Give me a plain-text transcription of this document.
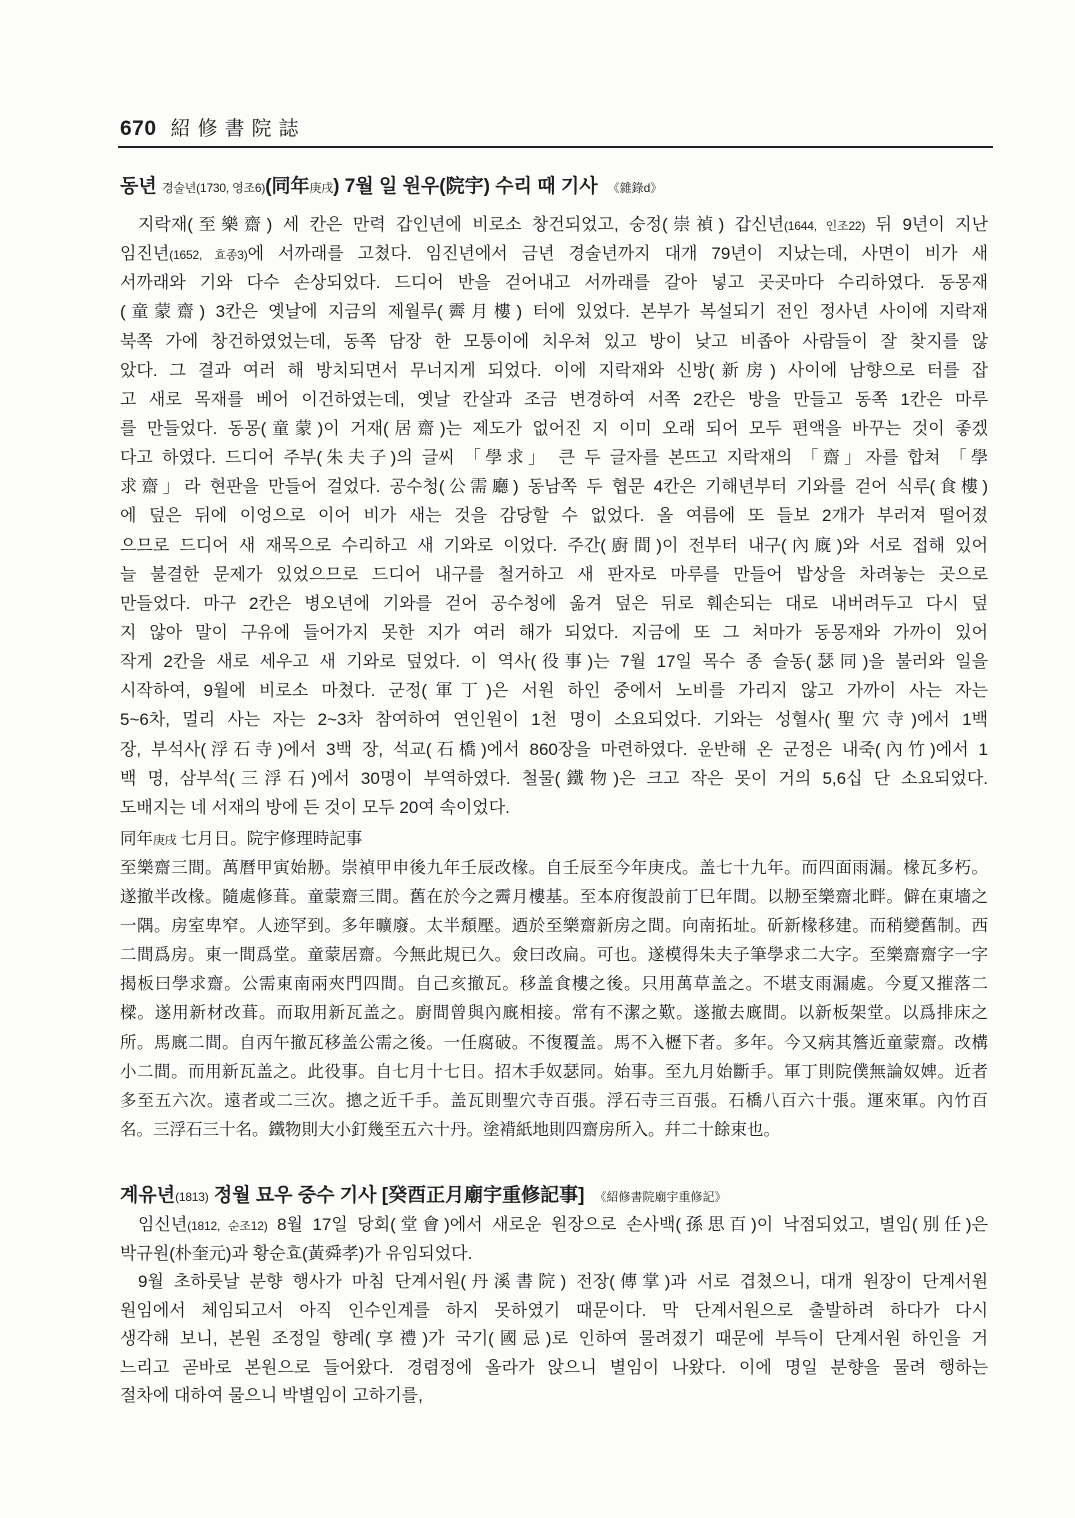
670 紹修書院誌
동년 경술년(1730, 영조6)(同年庚戌) 7월 일 원우(院宇) 수리 때 기사 《雜錄d》
지락재(至樂齋) 세 칸은 만력 갑인년에 비로소 창건되었고, 숭정(崇禎) 갑신년(1644, 인조22) 뒤 9년이 지난
임진년(1652, 효종3)에 서까래를 고쳤다. 임진년에서 금년 경술년까지 대개 79년이 지났는데, 사면이 비가 새
서까래와 기와 다수 손상되었다. 드디어 반을 걷어내고 서까래를 갈아 넣고 곳곳마다 수리하였다. 동몽재
(童蒙齋) 3칸은 옛날에 지금의 제월루(霽月樓) 터에 있었다. 본부가 복설되기 전인 정사년 사이에 지락재
북쪽 가에 창건하였었는데, 동쪽 담장 한 모퉁이에 치우쳐 있고 방이 낮고 비좁아 사람들이 잘 찾지를 않
았다. 그 결과 여러 해 방치되면서 무너지게 되었다. 이에 지락재와 신방(新房) 사이에 남향으로 터를 잡
고 새로 목재를 베어 이건하였는데, 옛날 칸살과 조금 변경하여 서쪽 2칸은 방을 만들고 동쪽 1칸은 마루
를 만들었다. 동몽(童蒙)이 거재(居齋)는 제도가 없어진 지 이미 오래 되어 모두 편액을 바꾸는 것이 좋겠
다고 하였다. 드디어 주부(朱夫子)의 글씨 「學求」 큰 두 글자를 본뜨고 지락재의 「齋」자를 합쳐 「學
求齋」라 현판을 만들어 걸었다. 공수청(公需廳) 동남쪽 두 협문 4칸은 기해년부터 기와를 걷어 식루(食樓)
에 덮은 뒤에 이엉으로 이어 비가 새는 것을 감당할 수 없었다. 올 여름에 또 들보 2개가 부러져 떨어졌
으므로 드디어 새 재목으로 수리하고 새 기와로 이었다. 주간(廚間)이 전부터 내구(內廐)와 서로 접해 있어
늘 불결한 문제가 있었으므로 드디어 내구를 철거하고 새 판자로 마루를 만들어 밥상을 차려놓는 곳으로
만들었다. 마구 2칸은 병오년에 기와를 걷어 공수청에 옮겨 덮은 뒤로 훼손되는 대로 내버려두고 다시 덮
지 않아 말이 구유에 들어가지 못한 지가 여러 해가 되었다. 지금에 또 그 처마가 동몽재와 가까이 있어
작게 2칸을 새로 세우고 새 기와로 덮었다. 이 역사(役事)는 7월 17일 목수 종 슬동(瑟同)을 불러와 일을
시작하여, 9월에 비로소 마쳤다. 군정(軍丁)은 서원 하인 중에서 노비를 가리지 않고 가까이 사는 자는
5~6차, 멀리 사는 자는 2~3차 참여하여 연인원이 1천 명이 소요되었다. 기와는 성혈사(聖穴寺)에서 1백
장, 부석사(浮石寺)에서 3백 장, 석교(石橋)에서 860장을 마련하였다. 운반해 온 군정은 내죽(內竹)에서 1
백 명, 삼부석(三浮石)에서 30명이 부역하였다. 철물(鐵物)은 크고 작은 못이 거의 5,6십 단 소요되었다.
도배지는 네 서재의 방에 든 것이 모두 20여 속이었다.
同年庚戌 七月日。院宇修理時記事
至樂齋三間。萬曆甲寅始刱。崇禎甲申後九年壬辰改椽。自壬辰至今年庚戌。盖七十九年。而四面雨漏。椽瓦多朽。
遂撤半改椽。隨處修葺。童蒙齋三間。舊在於今之霽月樓基。至本府復設前丁巳年間。以刱至樂齋北畔。僻在東墻之
一隅。房室卑窄。人迹罕到。多年曠廢。太半頹壓。迺於至樂齋新房之間。向南拓址。斫新椽移建。而稍變舊制。西
二間爲房。東一間爲堂。童蒙居齋。今無此規已久。僉曰改扁。可也。遂模得朱夫子筆學求二大字。至樂齋齋字一字
揭板曰學求齋。公需東南兩夾門四間。自己亥撤瓦。移盖食樓之後。只用萬草盖之。不堪支雨漏處。今夏又摧落二
樑。遂用新材改葺。而取用新瓦盖之。廚間曾與內廐相接。常有不潔之歎。遂撤去廐間。以新板架堂。以爲排床之
所。馬廐二間。自丙午撤瓦移盖公需之後。一任腐破。不復覆盖。馬不入櫪下者。多年。今又病其簷近童蒙齋。改構
小二間。而用新瓦盖之。此役事。自七月十七日。招木手奴瑟同。始事。至九月始斷手。軍丁則院僕無論奴婢。近者
多至五六次。遠者或二三次。摠之近千手。盖瓦則聖穴寺百張。浮石寺三百張。石橋八百六十張。運來軍。內竹百
名。三浮石三十名。鐵物則大小釘幾至五六十丹。塗褙紙地則四齋房所入。幷二十餘束也。
계유년(1813) 정월 묘우 중수 기사 [癸酉正月廟宇重修記事] 《紹修書院廟宇重修記》
임신년(1812, 순조12) 8월 17일 당회(堂會)에서 새로운 원장으로 손사백(孫思百)이 낙점되었고, 별임(別任)은
박규원(朴奎元)과 황순효(黃舜孝)가 유임되었다.
9월 초하룻날 분향 행사가 마침 단계서원(丹溪書院) 전장(傳掌)과 서로 겹쳤으니, 대개 원장이 단계서원
원임에서 체임되고서 아직 인수인계를 하지 못하였기 때문이다. 막 단계서원으로 출발하려 하다가 다시
생각해 보니, 본원 조정일 향례(享禮)가 국기(國忌)로 인하여 물려졌기 때문에 부득이 단계서원 하인을 거
느리고 곧바로 본원으로 들어왔다. 경렴정에 올라가 앉으니 별임이 나왔다. 이에 명일 분향을 물려 행하는
절차에 대하여 물으니 박별임이 고하기를,
